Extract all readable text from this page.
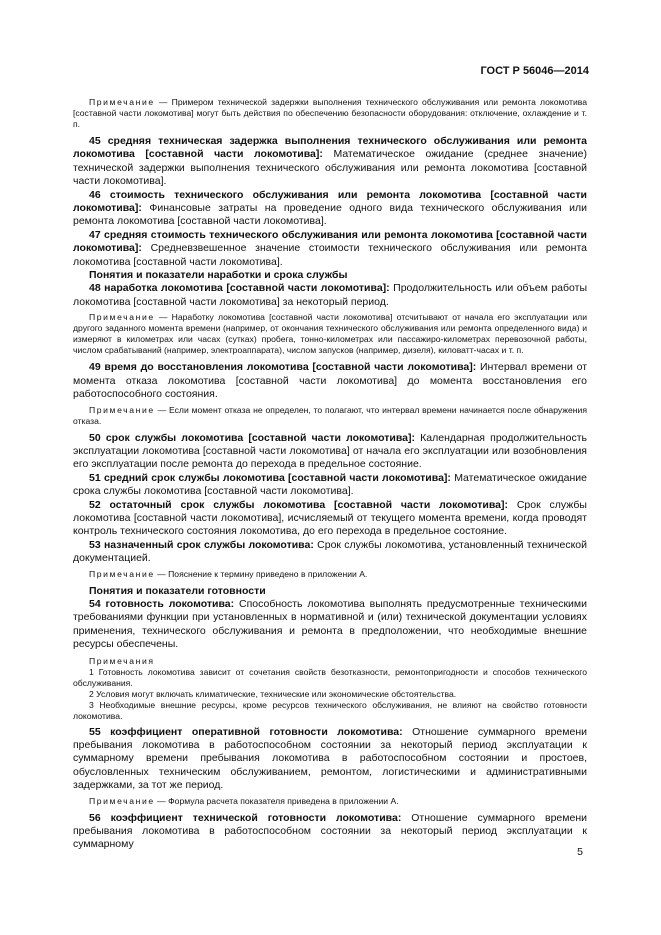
ГОСТ Р 56046—2014

Примечание — Примером технической задержки выполнения технического обслуживания или ремонта локомотива [составной части локомотива] могут быть действия по обеспечению безопасности оборудования: отключение, охлаждение и т. п.

45 средняя техническая задержка выполнения технического обслуживания или ремонта локомотива [составной части локомотива]: Математическое ожидание (среднее значение) технической задержки выполнения технического обслуживания или ремонта локомотива [составной части локомотива].

46 стоимость технического обслуживания или ремонта локомотива [составной части локомотива]: Финансовые затраты на проведение одного вида технического обслуживания или ремонта локомотива [составной части локомотива].

47 средняя стоимость технического обслуживания или ремонта локомотива [составной части локомотива]: Средневзвешенное значение стоимости технического обслуживания или ремонта локомотива [составной части локомотива].

Понятия и показатели наработки и срока службы

48 наработка локомотива [составной части локомотива]: Продолжительность или объем работы локомотива [составной части локомотива] за некоторый период.

Примечание — Наработку локомотива [составной части локомотива] отсчитывают от начала его эксплуатации или другого заданного момента времени (например, от окончания технического обслуживания или ремонта определенного вида) и измеряют в километрах или часах (сутках) пробега, тонно-километрах или пассажиро-километрах перевозочной работы, числом срабатываний (например, электроаппарата), числом запусков (например, дизеля), киловатт-часах и т. п.

49 время до восстановления локомотива [составной части локомотива]: Интервал времени от момента отказа локомотива [составной части локомотива] до момента восстановления его работоспособного состояния.

Примечание — Если момент отказа не определен, то полагают, что интервал времени начинается после обнаружения отказа.

50 срок службы локомотива [составной части локомотива]: Календарная продолжительность эксплуатации локомотива [составной части локомотива] от начала его эксплуатации или возобновления его эксплуатации после ремонта до перехода в предельное состояние.

51 средний срок службы локомотива [составной части локомотива]: Математическое ожидание срока службы локомотива [составной части локомотива].

52 остаточный срок службы локомотива [составной части локомотива]: Срок службы локомотива [составной части локомотива], исчисляемый от текущего момента времени, когда проводят контроль технического состояния локомотива, до его перехода в предельное состояние.

53 назначенный срок службы локомотива: Срок службы локомотива, установленный технической документацией.

Примечание — Пояснение к термину приведено в приложении А.

Понятия и показатели готовности

54 готовность локомотива: Способность локомотива выполнять предусмотренные техническими требованиями функции при установленных в нормативной и (или) технической документации условиях применения, технического обслуживания и ремонта в предположении, что необходимые внешние ресурсы обеспечены.

Примечания

1 Готовность локомотива зависит от сочетания свойств безотказности, ремонтопригодности и способов технического обслуживания.

2 Условия могут включать климатические, технические или экономические обстоятельства.

3 Необходимые внешние ресурсы, кроме ресурсов технического обслуживания, не влияют на свойство готовности локомотива.

55 коэффициент оперативной готовности локомотива: Отношение суммарного времени пребывания локомотива в работоспособном состоянии за некоторый период эксплуатации к суммарному времени пребывания локомотива в работоспособном состоянии и простоев, обусловленных техническим обслуживанием, ремонтом, логистическими и административными задержками, за тот же период.

Примечание — Формула расчета показателя приведена в приложении А.

56 коэффициент технической готовности локомотива: Отношение суммарного времени пребывания локомотива в работоспособном состоянии за некоторый период эксплуатации к суммарному

5
